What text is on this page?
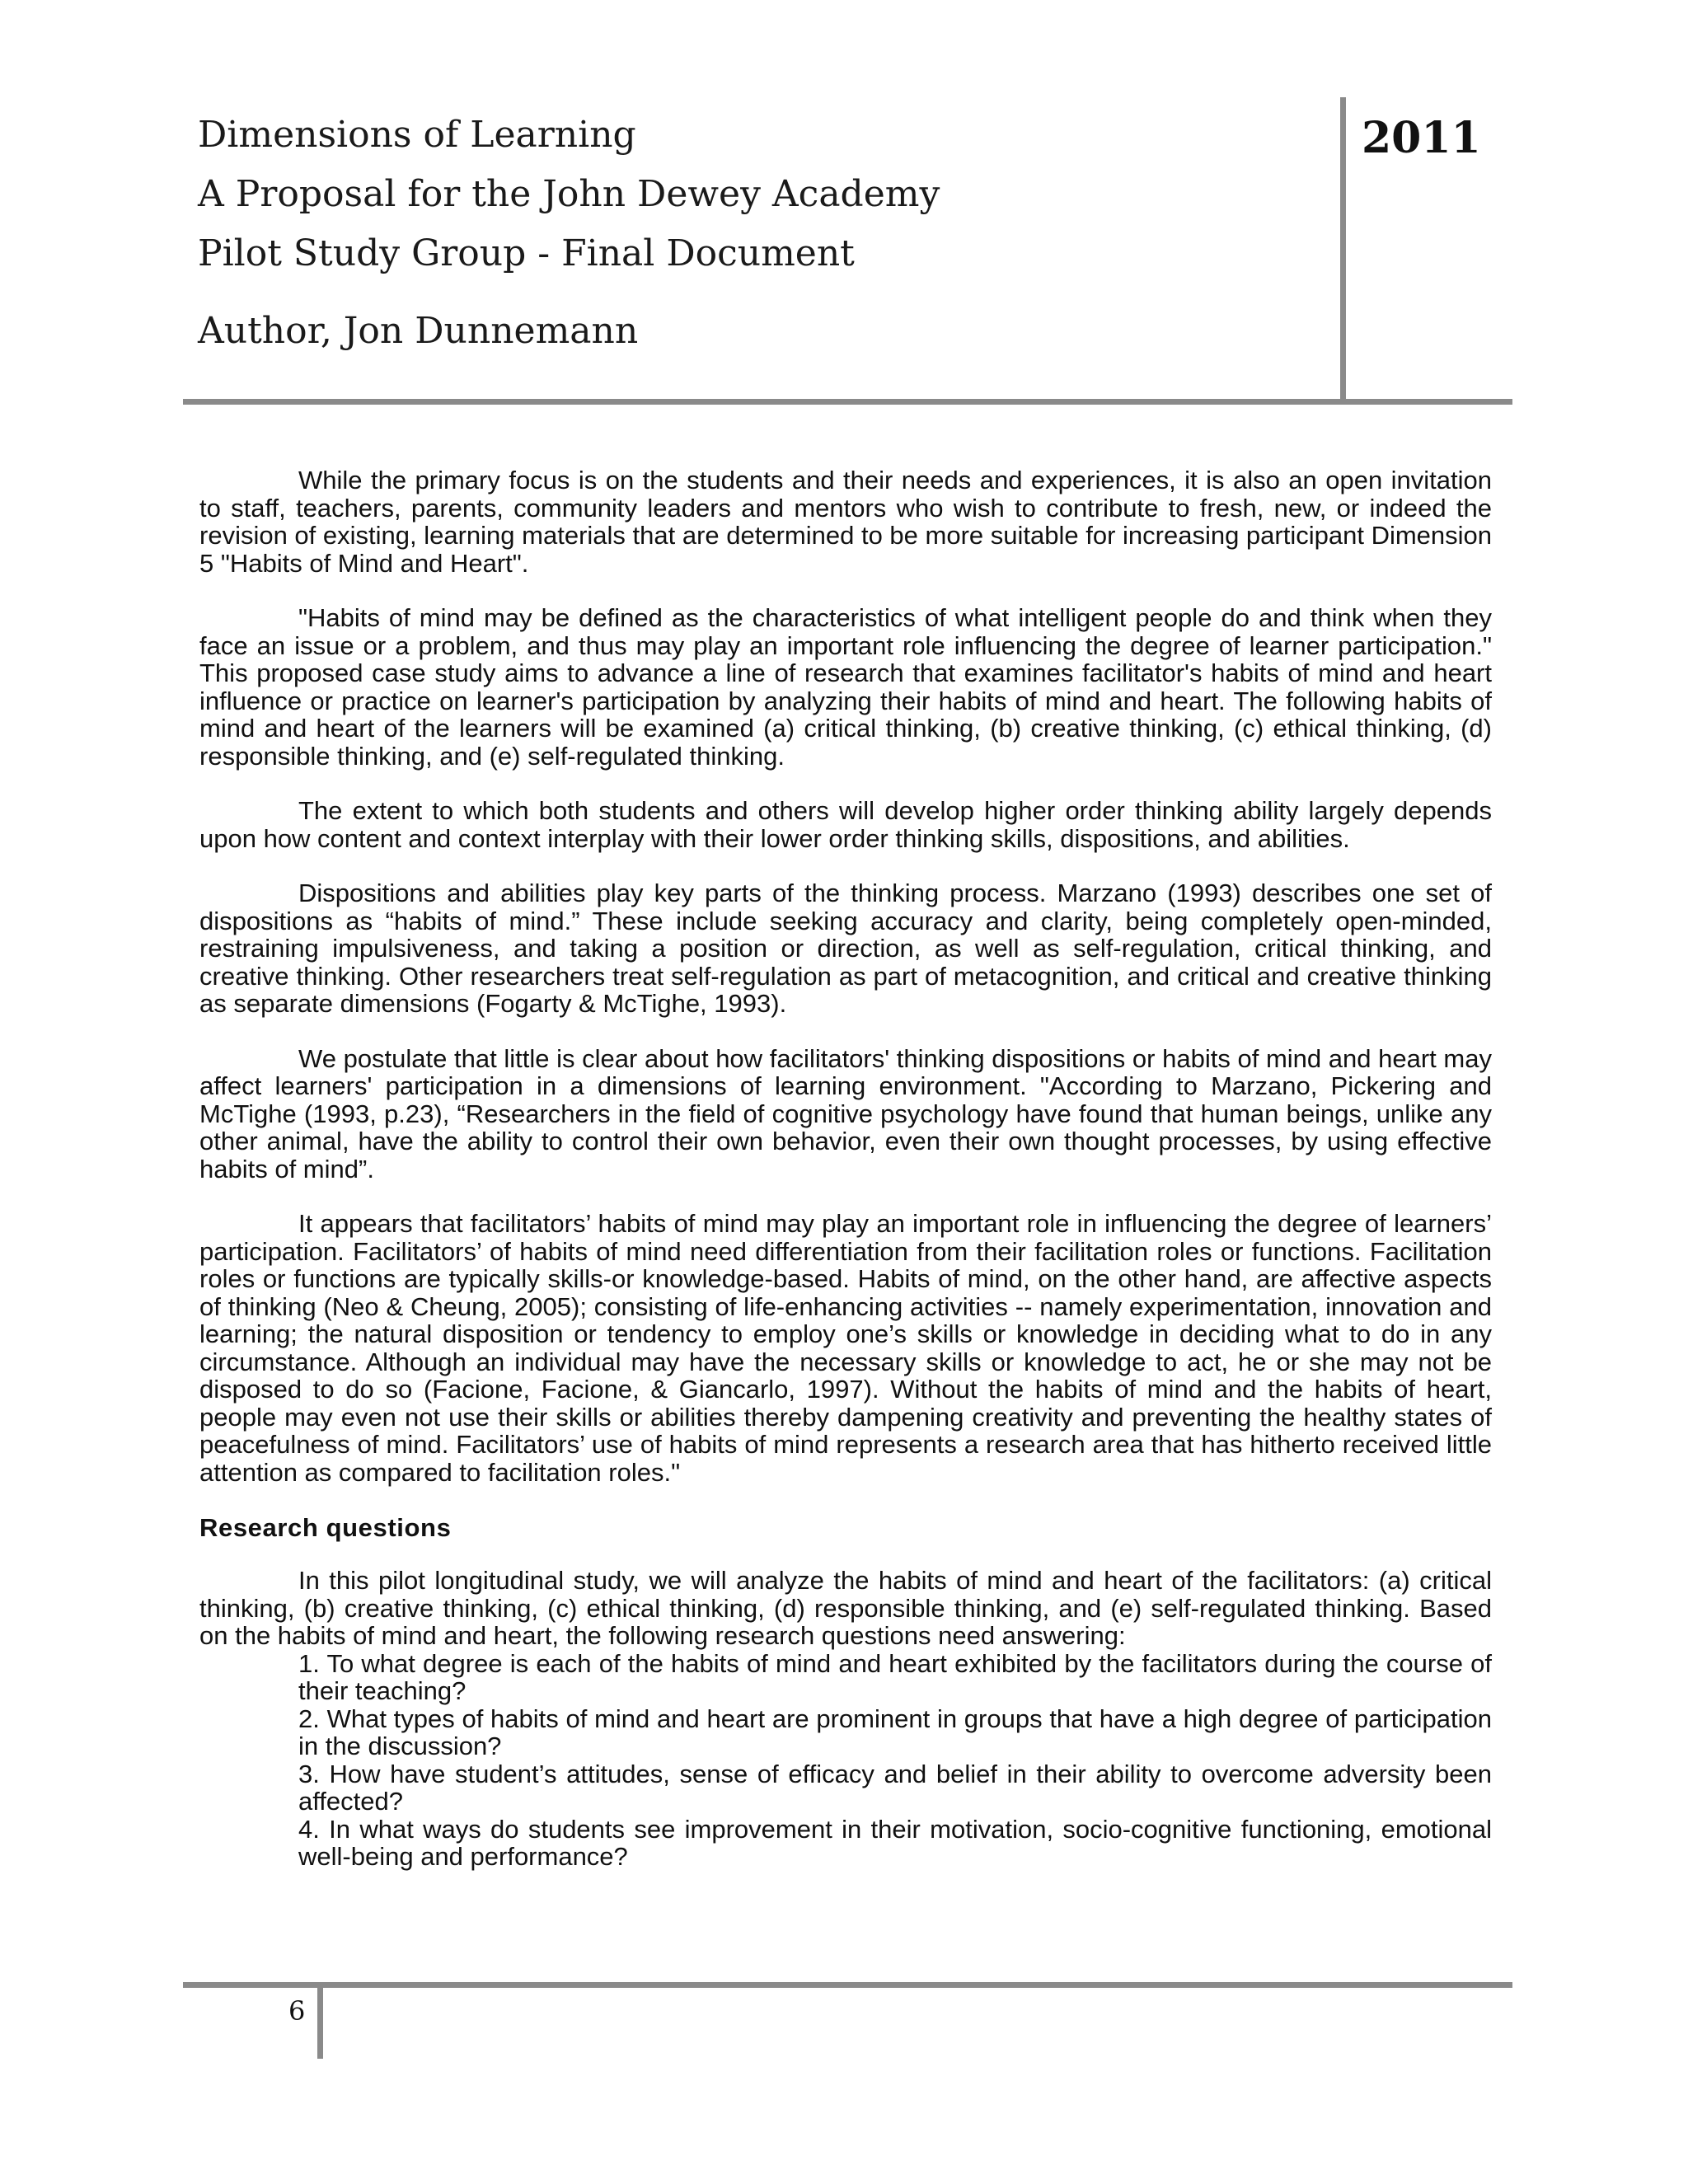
Dimensions of Learning
A Proposal for the John Dewey Academy
Pilot Study Group - Final Document
Author, Jon Dunnemann
2011

While the primary focus is on the students and their needs and experiences, it is also an open invitation to staff, teachers, parents, community leaders and mentors who wish to contribute to fresh, new, or indeed the revision of existing, learning materials that are determined to be more suitable for increasing participant Dimension 5 "Habits of Mind and Heart".

"Habits of mind may be defined as the characteristics of what intelligent people do and think when they face an issue or a problem, and thus may play an important role influencing the degree of learner participation." This proposed case study aims to advance a line of research that examines facilitator's habits of mind and heart influence or practice on learner's participation by analyzing their habits of mind and heart. The following habits of mind and heart of the learners will be examined (a) critical thinking, (b) creative thinking, (c) ethical thinking, (d) responsible thinking, and (e) self-regulated thinking.

The extent to which both students and others will develop higher order thinking ability largely depends upon how content and context interplay with their lower order thinking skills, dispositions, and abilities.

Dispositions and abilities play key parts of the thinking process. Marzano (1993) describes one set of dispositions as “habits of mind.” These include seeking accuracy and clarity, being completely open-minded, restraining impulsiveness, and taking a position or direction, as well as self-regulation, critical thinking, and creative thinking. Other researchers treat self-regulation as part of metacognition, and critical and creative thinking as separate dimensions (Fogarty & McTighe, 1993).

We postulate that little is clear about how facilitators' thinking dispositions or habits of mind and heart may affect learners' participation in a dimensions of learning environment. "According to Marzano, Pickering and McTighe (1993, p.23), “Researchers in the field of cognitive psychology have found that human beings, unlike any other animal, have the ability to control their own behavior, even their own thought processes, by using effective habits of mind”.

It appears that facilitators’ habits of mind may play an important role in influencing the degree of learners’ participation. Facilitators’ of habits of mind need differentiation from their facilitation roles or functions. Facilitation roles or functions are typically skills-or knowledge-based. Habits of mind, on the other hand, are affective aspects of thinking (Neo & Cheung, 2005); consisting of life-enhancing activities -- namely experimentation, innovation and learning; the natural disposition or tendency to employ one’s skills or knowledge in deciding what to do in any circumstance. Although an individual may have the necessary skills or knowledge to act, he or she may not be disposed to do so (Facione, Facione, & Giancarlo, 1997). Without the habits of mind and the habits of heart, people may even not use their skills or abilities thereby dampening creativity and preventing the healthy states of peacefulness of mind. Facilitators’ use of habits of mind represents a research area that has hitherto received little attention as compared to facilitation roles."

Research questions

In this pilot longitudinal study, we will analyze the habits of mind and heart of the facilitators: (a) critical thinking, (b) creative thinking, (c) ethical thinking, (d) responsible thinking, and (e) self-regulated thinking. Based on the habits of mind and heart, the following research questions need answering:

1. To what degree is each of the habits of mind and heart exhibited by the facilitators during the course of their teaching?
2. What types of habits of mind and heart are prominent in groups that have a high degree of participation in the discussion?
3. How have student’s attitudes, sense of efficacy and belief in their ability to overcome adversity been affected?
4. In what ways do students see improvement in their motivation, socio-cognitive functioning, emotional well-being and performance?
6
